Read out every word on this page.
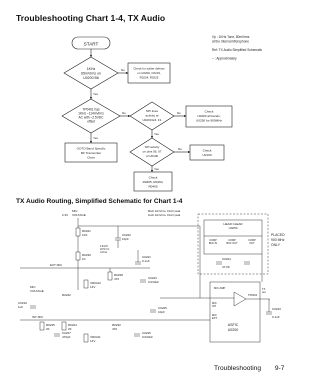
Troubleshooting Chart 1-4, TX Audio
START
1KHz
65mVrms on
U0200 B6
Check for solder defects
on U0200, C0219,
R0224, R0225
TP0401 has
1KHz ~114mVrms
AC with ~2.5VDC
offset
SPI lines
activity at
U0200 E3, F1
Check
U0200 all bands,
U0250 for 900MHz
GOTO Band Specific
RF Transmitter
Chart
SPI activity
on pins 06, 07
of U0100
Check
U0100
Check
R0465, R0464,
R0405
No
Yes
No
Yes
No
Yes
No
Yes
Vp : 1KHz Tone, 80mVrms
at the Internal Microphone
Ref: TX Audio Simplified Schematic
~ : Approximately
TX Audio Routing, Simplified Schematic for Chart 1-4
MIC
VOLTAGE
2.3V
R0221
1K0
R0230
1K
R0228
470
R0225
2K
R0224
2K
R0232
470
R0222
C0222
10pF
C0224
47.0K
C0221
0.1uF
C0223
0.033uF
C0227
470pF
C0219
1uF	C0225
10pF
C0226
0.033uF
C0243
0.1uF
VR0412
14V
VR0411
14V
EXT MIC
INT MIC
MIC
VOLTAGE
HEAR CLEAR
U0250
COMP
BUF IN
COMP
BUF OUT
COMP
OUT
PLACED
900 MHz
ONLY
ASFIC
U0200
MIC AMP
MIC
INT
MIC
EXT
TP0401
TX
out
8kHz 12mVrms, 19mV peak
1kHz 12mVrms, 19mV peak
2.9mHz
1KHz 0.1
mVrms
Troubleshooting 9-7
